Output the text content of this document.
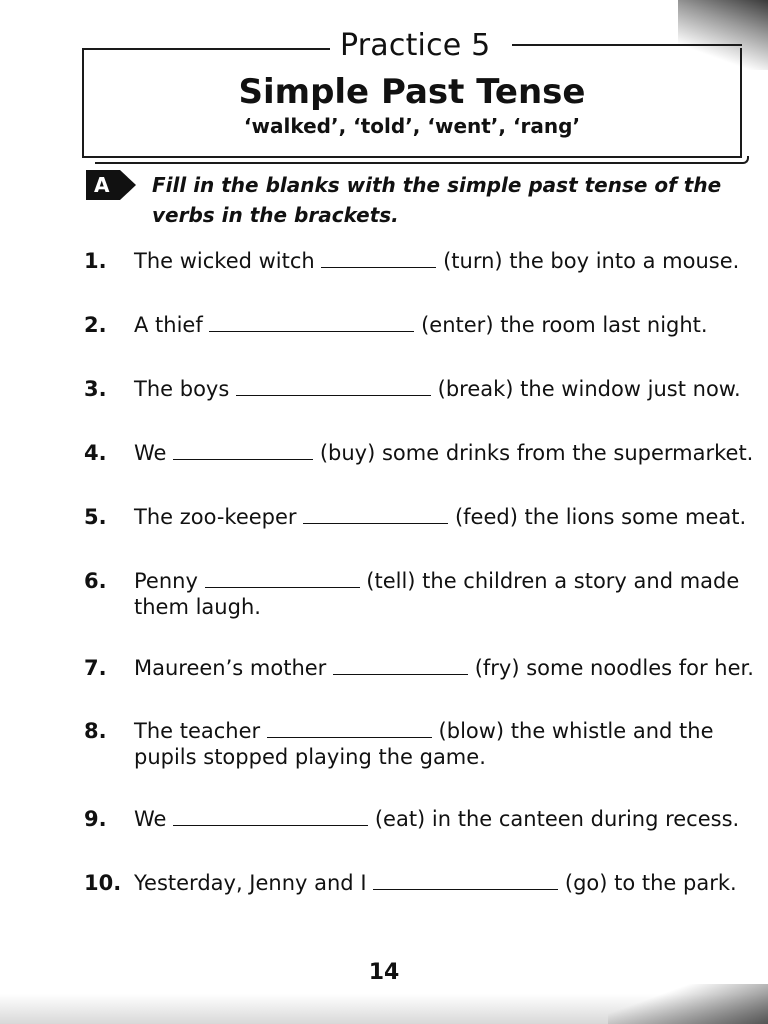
Practice 5
Simple Past Tense
‘walked’, ‘told’, ‘went’, ‘rang’
A Fill in the blanks with the simple past tense of the verbs in the brackets.
1.	The wicked witch	(turn) the boy into a mouse.
2.	A thief	(enter) the room last night.
3.	The boys	(break) the window just now.
4.	We	(buy) some drinks from the supermarket.
5.	The zoo-keeper	(feed) the lions some meat.
6.	Penny	(tell) the children a story and made
them laugh.
7.	Maureen’s mother	(fry) some noodles for her.
8.	The teacher	(blow) the whistle and the
pupils stopped playing the game.
9.	We	(eat) in the canteen during recess.
10. Yesterday, Jenny and I	(go) to the park.
14
